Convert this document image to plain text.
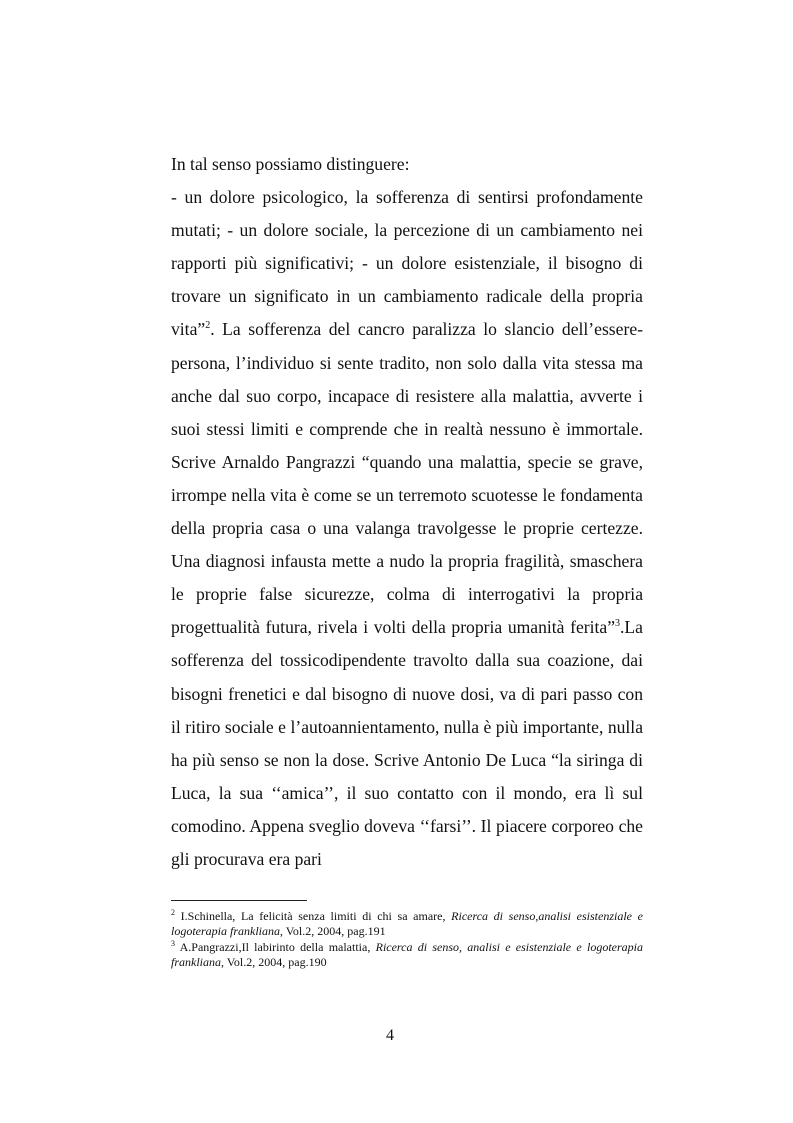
In tal senso possiamo distinguere:

- un dolore psicologico, la sofferenza di sentirsi profondamente mutati; - un dolore sociale, la percezione di un cambiamento nei rapporti più significativi; - un dolore esistenziale, il bisogno di trovare un significato in un cambiamento radicale della propria vita”$^2$. La sofferenza del cancro paralizza lo slancio dell’essere-persona, l’individuo si sente tradito, non solo dalla vita stessa ma anche dal suo corpo, incapace di resistere alla malattia, avverte i suoi stessi limiti e comprende che in realtà nessuno è immortale. Scrive Arnaldo Pangrazzi “quando una malattia, specie se grave, irrompe nella vita è come se un terremoto scuotesse le fondamenta della propria casa o una valanga travolgesse le proprie certezze. Una diagnosi infausta mette a nudo la propria fragilità, smaschera le proprie false sicurezze, colma di interrogativi la propria progettualità futura, rivela i volti della propria umanità ferita”$^3$.La sofferenza del tossicodipendente travolto dalla sua coazione, dai bisogni frenetici e dal bisogno di nuove dosi, va di pari passo con il ritiro sociale e l’autoannientamento, nulla è più importante, nulla ha più senso se non la dose. Scrive Antonio De Luca “la siringa di Luca, la sua ‘‘amica’’, il suo contatto con il mondo, era lì sul comodino. Appena sveglio doveva ‘‘farsi’’. Il piacere corporeo che gli procurava era pari

$^2$ I.Schinella, La felicità senza limiti di chi sa amare, Ricerca di senso,analisi esistenziale e logoterapia frankliana, Vol.2, 2004, pag.191

$^3$ A.Pangrazzi,Il labirinto della malattia, Ricerca di senso, analisi e esistenziale e logoterapia frankliana, Vol.2, 2004, pag.190

4
